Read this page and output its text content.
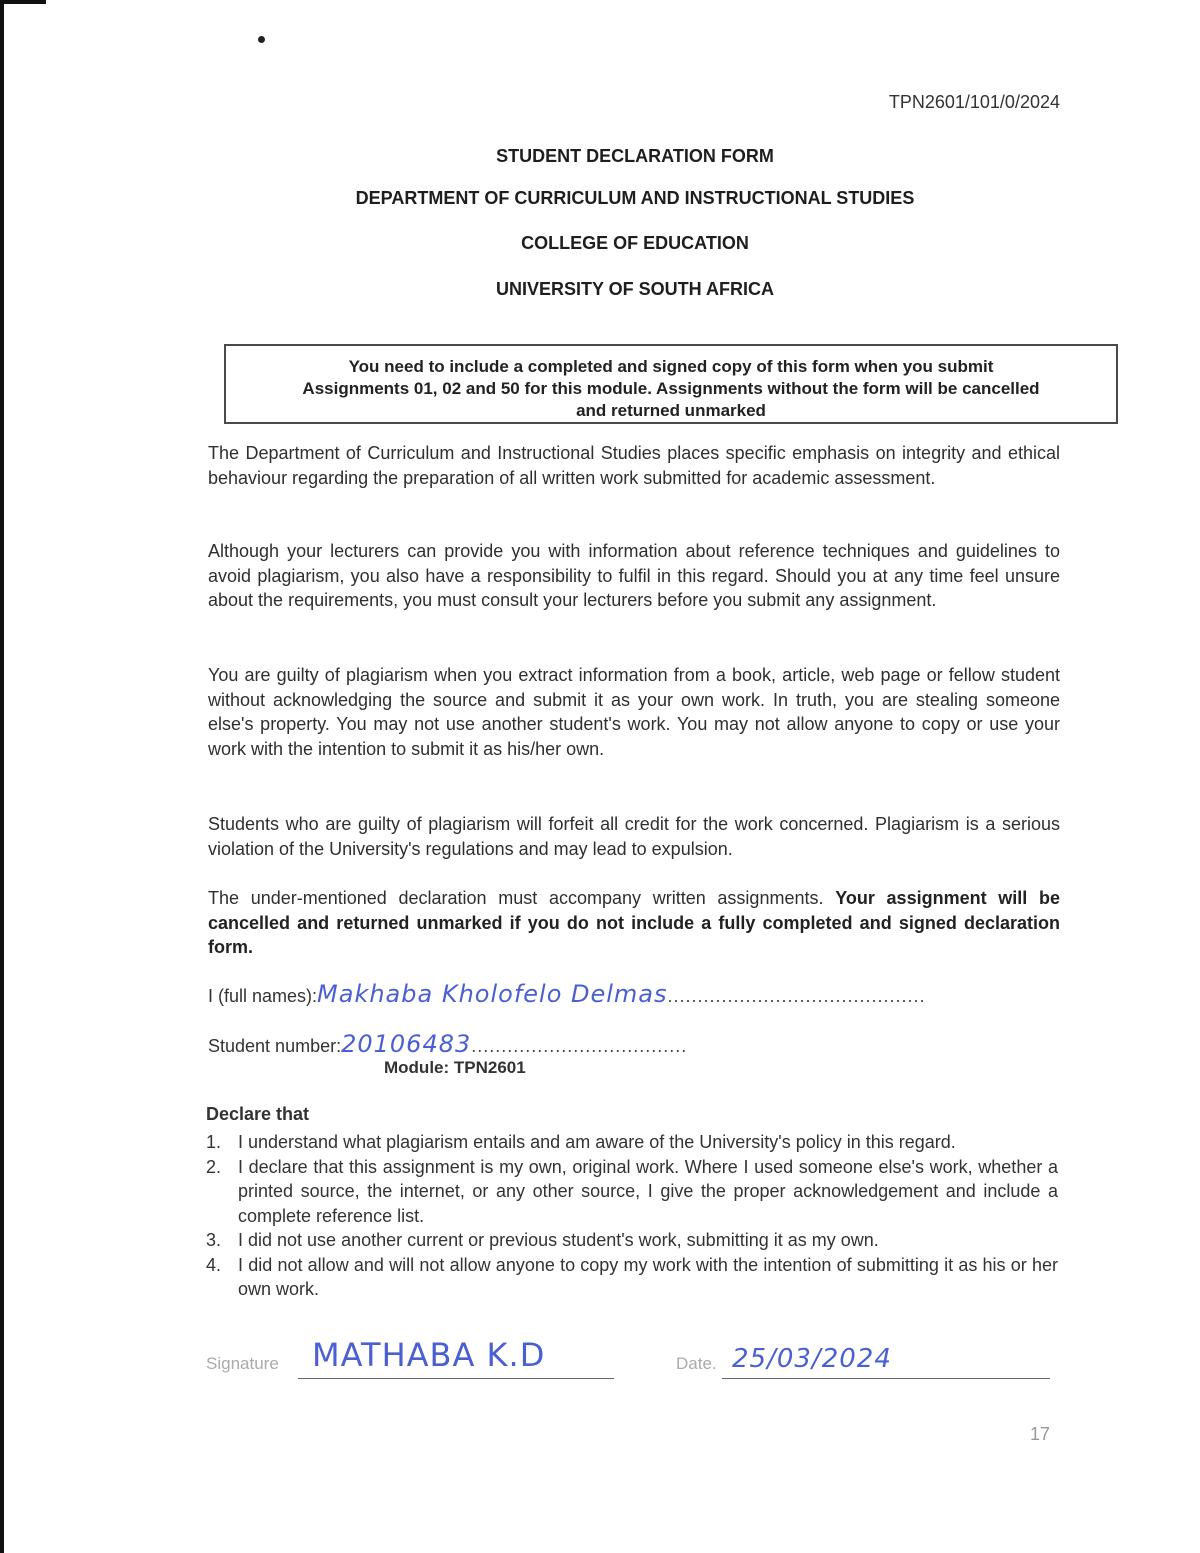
TPN2601/101/0/2024
STUDENT DECLARATION FORM
DEPARTMENT OF CURRICULUM AND INSTRUCTIONAL STUDIES
COLLEGE OF EDUCATION
UNIVERSITY OF SOUTH AFRICA
You need to include a completed and signed copy of this form when you submit
Assignments 01, 02 and 50 for this module. Assignments without the form will be cancelled
and returned unmarked
The Department of Curriculum and Instructional Studies places specific emphasis on integrity and ethical behaviour regarding the preparation of all written work submitted for academic assessment.
Although your lecturers can provide you with information about reference techniques and guidelines to avoid plagiarism, you also have a responsibility to fulfil in this regard. Should you at any time feel unsure about the requirements, you must consult your lecturers before you submit any assignment.
You are guilty of plagiarism when you extract information from a book, article, web page or fellow student without acknowledging the source and submit it as your own work. In truth, you are stealing someone else's property. You may not use another student's work. You may not allow anyone to copy or use your work with the intention to submit it as his/her own.
Students who are guilty of plagiarism will forfeit all credit for the work concerned. Plagiarism is a serious violation of the University's regulations and may lead to expulsion.
The under-mentioned declaration must accompany written assignments. Your assignment will be cancelled and returned unmarked if you do not include a fully completed and signed declaration form.
I (full names):Makhaba Kholofelo Delmas...........................................
Student number:20106483....................................
Module: TPN2601
Declare that
1. I understand what plagiarism entails and am aware of the University's policy in this regard.
2. I declare that this assignment is my own, original work. Where I used someone else's work, whether a printed source, the internet, or any other source, I give the proper acknowledgement and include a complete reference list.
3. I did not use another current or previous student's work, submitting it as my own.
4. I did not allow and will not allow anyone to copy my work with the intention of submitting it as his or her own work.
Signature MATHABA K.D	Date. 25/03/2024
17
